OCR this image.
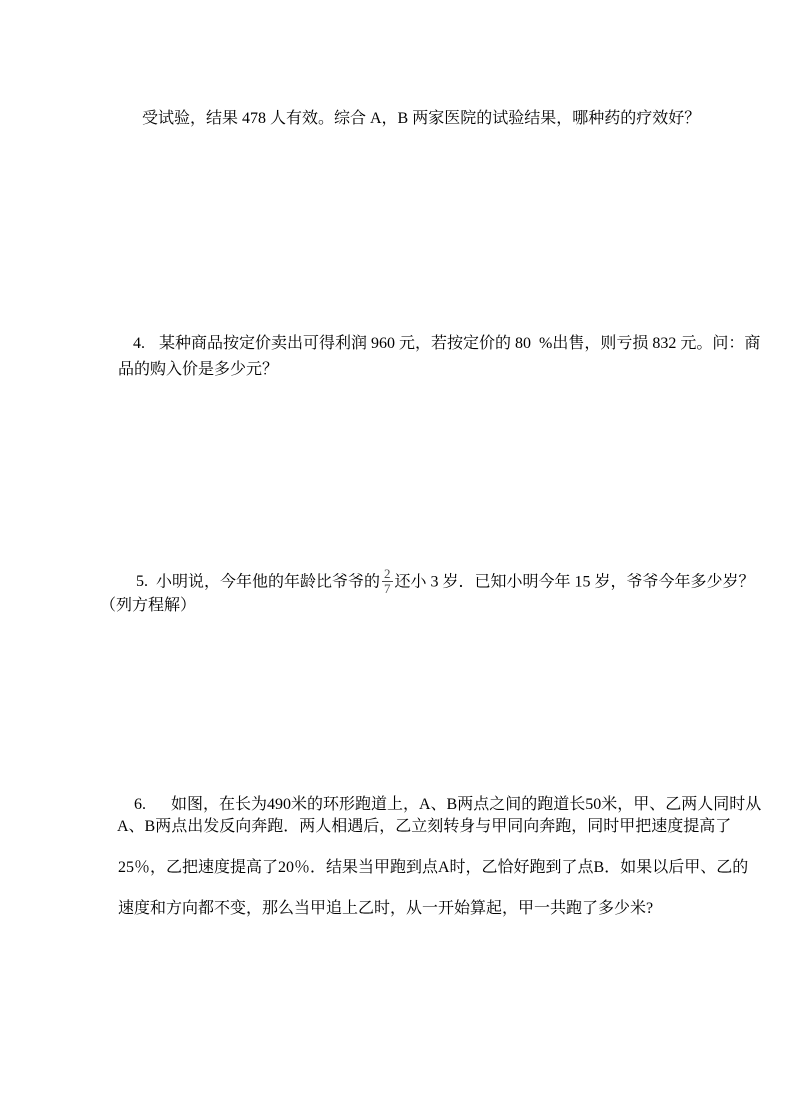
受试验，结果 478 人有效。综合 A，B 两家医院的试验结果，哪种药的疗效好？

4. 某种商品按定价卖出可得利润 960 元，若按定价的 80  %出售，则亏损 832 元。问：商

品的购入价是多少元？

5. 小明说，今年他的年龄比爷爷的 $\frac{2}{7}$ 还小 3 岁．已知小明今年 15 岁，爷爷今年多少岁？

（列方程解）

6. 如图，在长为490米的环形跑道上，A、B两点之间的跑道长50米，甲、乙两人同时从

A、B两点出发反向奔跑．两人相遇后，乙立刻转身与甲同向奔跑，同时甲把速度提高了
25％，乙把速度提高了20％．结果当甲跑到点A时，乙恰好跑到了点B．如果以后甲、乙的
速度和方向都不变，那么当甲追上乙时，从一开始算起，甲一共跑了多少米?
